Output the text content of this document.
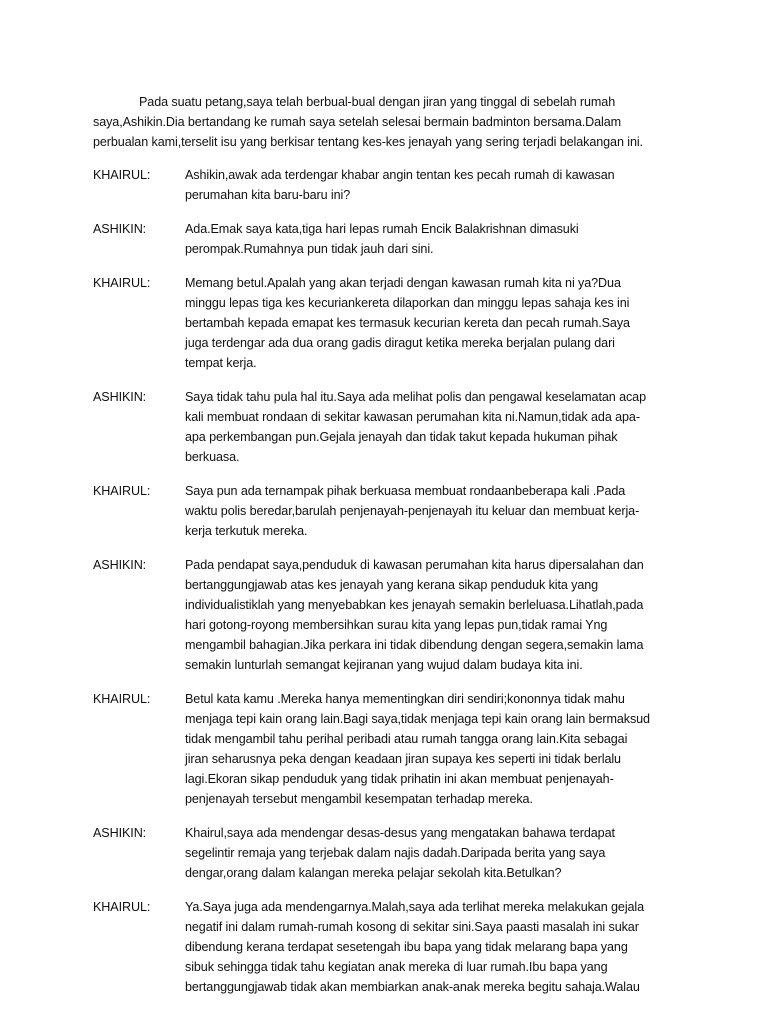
Pada suatu petang,saya telah berbual-bual dengan jiran yang tinggal di sebelah rumah
saya,Ashikin.Dia bertandang ke rumah saya setelah selesai bermain badminton bersama.Dalam
perbualan kami,terselit isu yang berkisar tentang kes-kes jenayah yang sering terjadi belakangan ini.
KHAIRUL:	Ashikin,awak ada terdengar khabar angin tentan kes pecah rumah di kawasan
perumahan kita baru-baru ini?
ASHIKIN:	Ada.Emak saya kata,tiga hari lepas rumah Encik Balakrishnan dimasuki
perompak.Rumahnya pun tidak jauh dari sini.
KHAIRUL:	Memang betul.Apalah yang akan terjadi dengan kawasan rumah kita ni ya?Dua
minggu lepas tiga kes kecuriankereta dilaporkan dan minggu lepas sahaja kes ini
bertambah kepada emapat kes termasuk kecurian kereta dan pecah rumah.Saya
juga terdengar ada dua orang gadis diragut ketika mereka berjalan pulang dari
tempat kerja.
ASHIKIN:	Saya tidak tahu pula hal itu.Saya ada melihat polis dan pengawal keselamatan acap
kali membuat rondaan di sekitar kawasan perumahan kita ni.Namun,tidak ada apa-
apa perkembangan pun.Gejala jenayah dan tidak takut kepada hukuman pihak
berkuasa.
KHAIRUL:	Saya pun ada ternampak pihak berkuasa membuat rondaanbeberapa kali .Pada
waktu polis beredar,barulah penjenayah-penjenayah itu keluar dan membuat kerja-
kerja terkutuk mereka.
ASHIKIN:	Pada pendapat saya,penduduk di kawasan perumahan kita harus dipersalahan dan
bertanggungjawab atas kes jenayah yang kerana sikap penduduk kita yang
individualistiklah yang menyebabkan kes jenayah semakin berleluasa.Lihatlah,pada
hari gotong-royong membersihkan surau kita yang lepas pun,tidak ramai Yng
mengambil bahagian.Jika perkara ini tidak dibendung dengan segera,semakin lama
semakin lunturlah semangat kejiranan yang wujud dalam budaya kita ini.
KHAIRUL:	Betul kata kamu .Mereka hanya mementingkan diri sendiri;kononnya tidak mahu
menjaga tepi kain orang lain.Bagi saya,tidak menjaga tepi kain orang lain bermaksud
tidak mengambil tahu perihal peribadi atau rumah tangga orang lain.Kita sebagai
jiran seharusnya peka dengan keadaan jiran supaya kes seperti ini tidak berlalu
lagi.Ekoran sikap penduduk yang tidak prihatin ini akan membuat penjenayah-
penjenayah tersebut mengambil kesempatan terhadap mereka.
ASHIKIN:	Khairul,saya ada mendengar desas-desus yang mengatakan bahawa terdapat
segelintir remaja yang terjebak dalam najis dadah.Daripada berita yang saya
dengar,orang dalam kalangan mereka pelajar sekolah kita.Betulkan?
KHAIRUL:	Ya.Saya juga ada mendengarnya.Malah,saya ada terlihat mereka melakukan gejala
negatif ini dalam rumah-rumah kosong di sekitar sini.Saya paasti masalah ini sukar
dibendung kerana terdapat sesetengah ibu bapa yang tidak melarang bapa yang
sibuk sehingga tidak tahu kegiatan anak mereka di luar rumah.Ibu bapa yang
bertanggungjawab tidak akan membiarkan anak-anak mereka begitu sahaja.Walau
